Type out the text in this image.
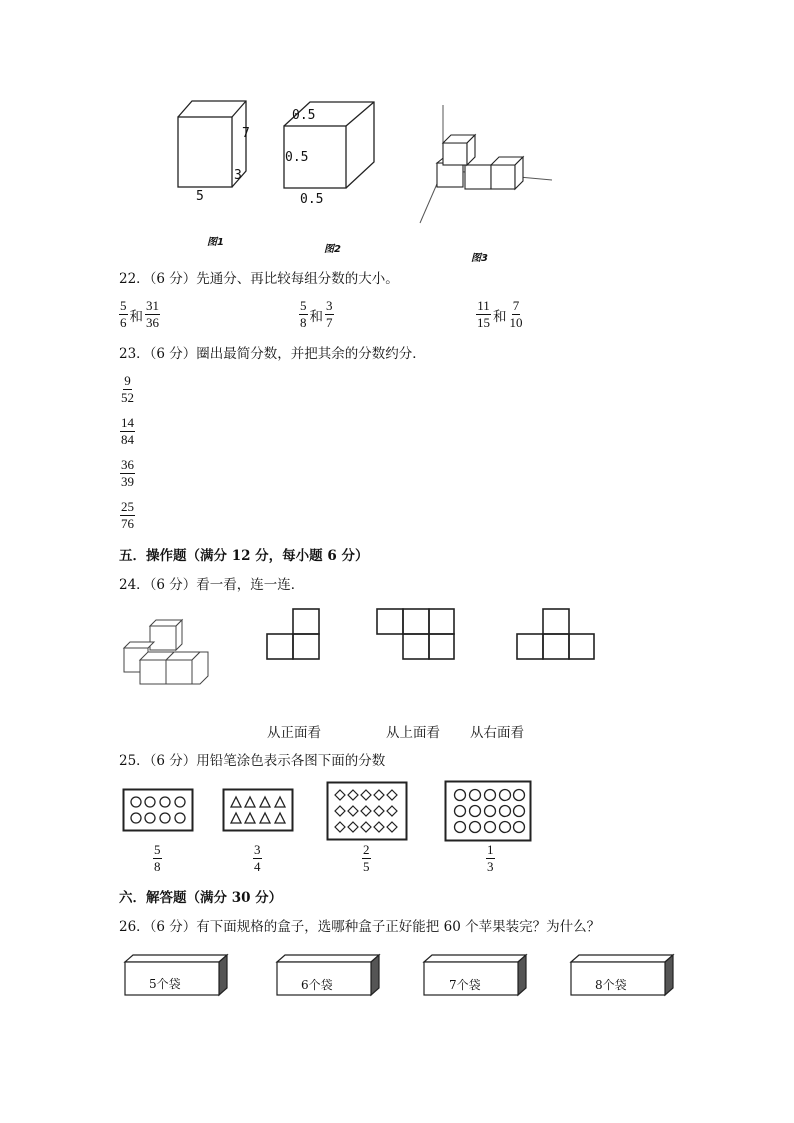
7
3
5
图1
0.5
0.5
0.5
图2
图3
22．（6 分）先通分、再比较每组分数的大小。
$\frac{5}{6}$ 和 $\frac{31}{36}$	$\frac{5}{8}$ 和 $\frac{3}{7}$	$\frac{11}{15}$ 和 $\frac{7}{10}$
23．（6 分）圈出最简分数，并把其余的分数约分．
$\frac{9}{52}$
$\frac{14}{84}$
$\frac{36}{39}$
$\frac{25}{76}$
五．操作题（满分 12 分，每小题 6 分）
24．（6 分）看一看，连一连．
从正面看	从上面看 从右面看
25．（6 分）用铅笔涂色表示各图下面的分数
$\frac{5}{8}$	$\frac{3}{4}$	$\frac{2}{5}$	$\frac{1}{3}$
六．解答题（满分 30 分）
26．（6 分）有下面规格的盒子，选哪种盒子正好能把 60 个苹果装完？为什么？
5个袋	6个袋	7个袋	8个袋
